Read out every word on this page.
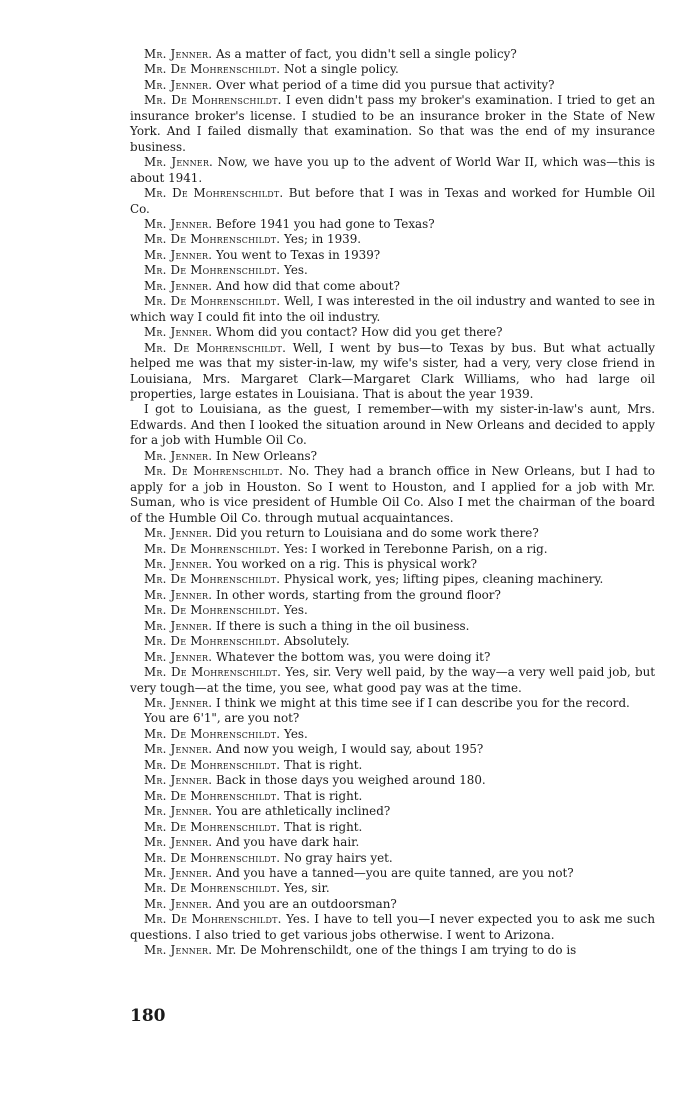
Mr. Jenner. As a matter of fact, you didn't sell a single policy?

Mr. De Mohrenschildt. Not a single policy.

Mr. Jenner. Over what period of a time did you pursue that activity?

Mr. De Mohrenschildt. I even didn't pass my broker's examination. I tried to get an insurance broker's license. I studied to be an insurance broker in the State of New York. And I failed dismally that examination. So that was the end of my insurance business.

Mr. Jenner. Now, we have you up to the advent of World War II, which was—this is about 1941.

Mr. De Mohrenschildt. But before that I was in Texas and worked for Humble Oil Co.

Mr. Jenner. Before 1941 you had gone to Texas?

Mr. De Mohrenschildt. Yes; in 1939.

Mr. Jenner. You went to Texas in 1939?

Mr. De Mohrenschildt. Yes.

Mr. Jenner. And how did that come about?

Mr. De Mohrenschildt. Well, I was interested in the oil industry and wanted to see in which way I could fit into the oil industry.

Mr. Jenner. Whom did you contact? How did you get there?

Mr. De Mohrenschildt. Well, I went by bus—to Texas by bus. But what actually helped me was that my sister-in-law, my wife's sister, had a very, very close friend in Louisiana, Mrs. Margaret Clark—Margaret Clark Williams, who had large oil properties, large estates in Louisiana. That is about the year 1939.

I got to Louisiana, as the guest, I remember—with my sister-in-law's aunt, Mrs. Edwards. And then I looked the situation around in New Orleans and decided to apply for a job with Humble Oil Co.

Mr. Jenner. In New Orleans?

Mr. De Mohrenschildt. No. They had a branch office in New Orleans, but I had to apply for a job in Houston. So I went to Houston, and I applied for a job with Mr. Suman, who is vice president of Humble Oil Co. Also I met the chairman of the board of the Humble Oil Co. through mutual acquaintances.

Mr. Jenner. Did you return to Louisiana and do some work there?

Mr. De Mohrenschildt. Yes: I worked in Terebonne Parish, on a rig.

Mr. Jenner. You worked on a rig. This is physical work?

Mr. De Mohrenschildt. Physical work, yes; lifting pipes, cleaning machinery.

Mr. Jenner. In other words, starting from the ground floor?

Mr. De Mohrenschildt. Yes.

Mr. Jenner. If there is such a thing in the oil business.

Mr. De Mohrenschildt. Absolutely.

Mr. Jenner. Whatever the bottom was, you were doing it?

Mr. De Mohrenschildt. Yes, sir. Very well paid, by the way—a very well paid job, but very tough—at the time, you see, what good pay was at the time.

Mr. Jenner. I think we might at this time see if I can describe you for the record.

You are 6'1", are you not?

Mr. De Mohrenschildt. Yes.

Mr. Jenner. And now you weigh, I would say, about 195?

Mr. De Mohrenschildt. That is right.

Mr. Jenner. Back in those days you weighed around 180.

Mr. De Mohrenschildt. That is right.

Mr. Jenner. You are athletically inclined?

Mr. De Mohrenschildt. That is right.

Mr. Jenner. And you have dark hair.

Mr. De Mohrenschildt. No gray hairs yet.

Mr. Jenner. And you have a tanned—you are quite tanned, are you not?

Mr. De Mohrenschildt. Yes, sir.

Mr. Jenner. And you are an outdoorsman?

Mr. De Mohrenschildt. Yes. I have to tell you—I never expected you to ask me such questions. I also tried to get various jobs otherwise. I went to Arizona.

Mr. Jenner. Mr. De Mohrenschildt, one of the things I am trying to do is

180
